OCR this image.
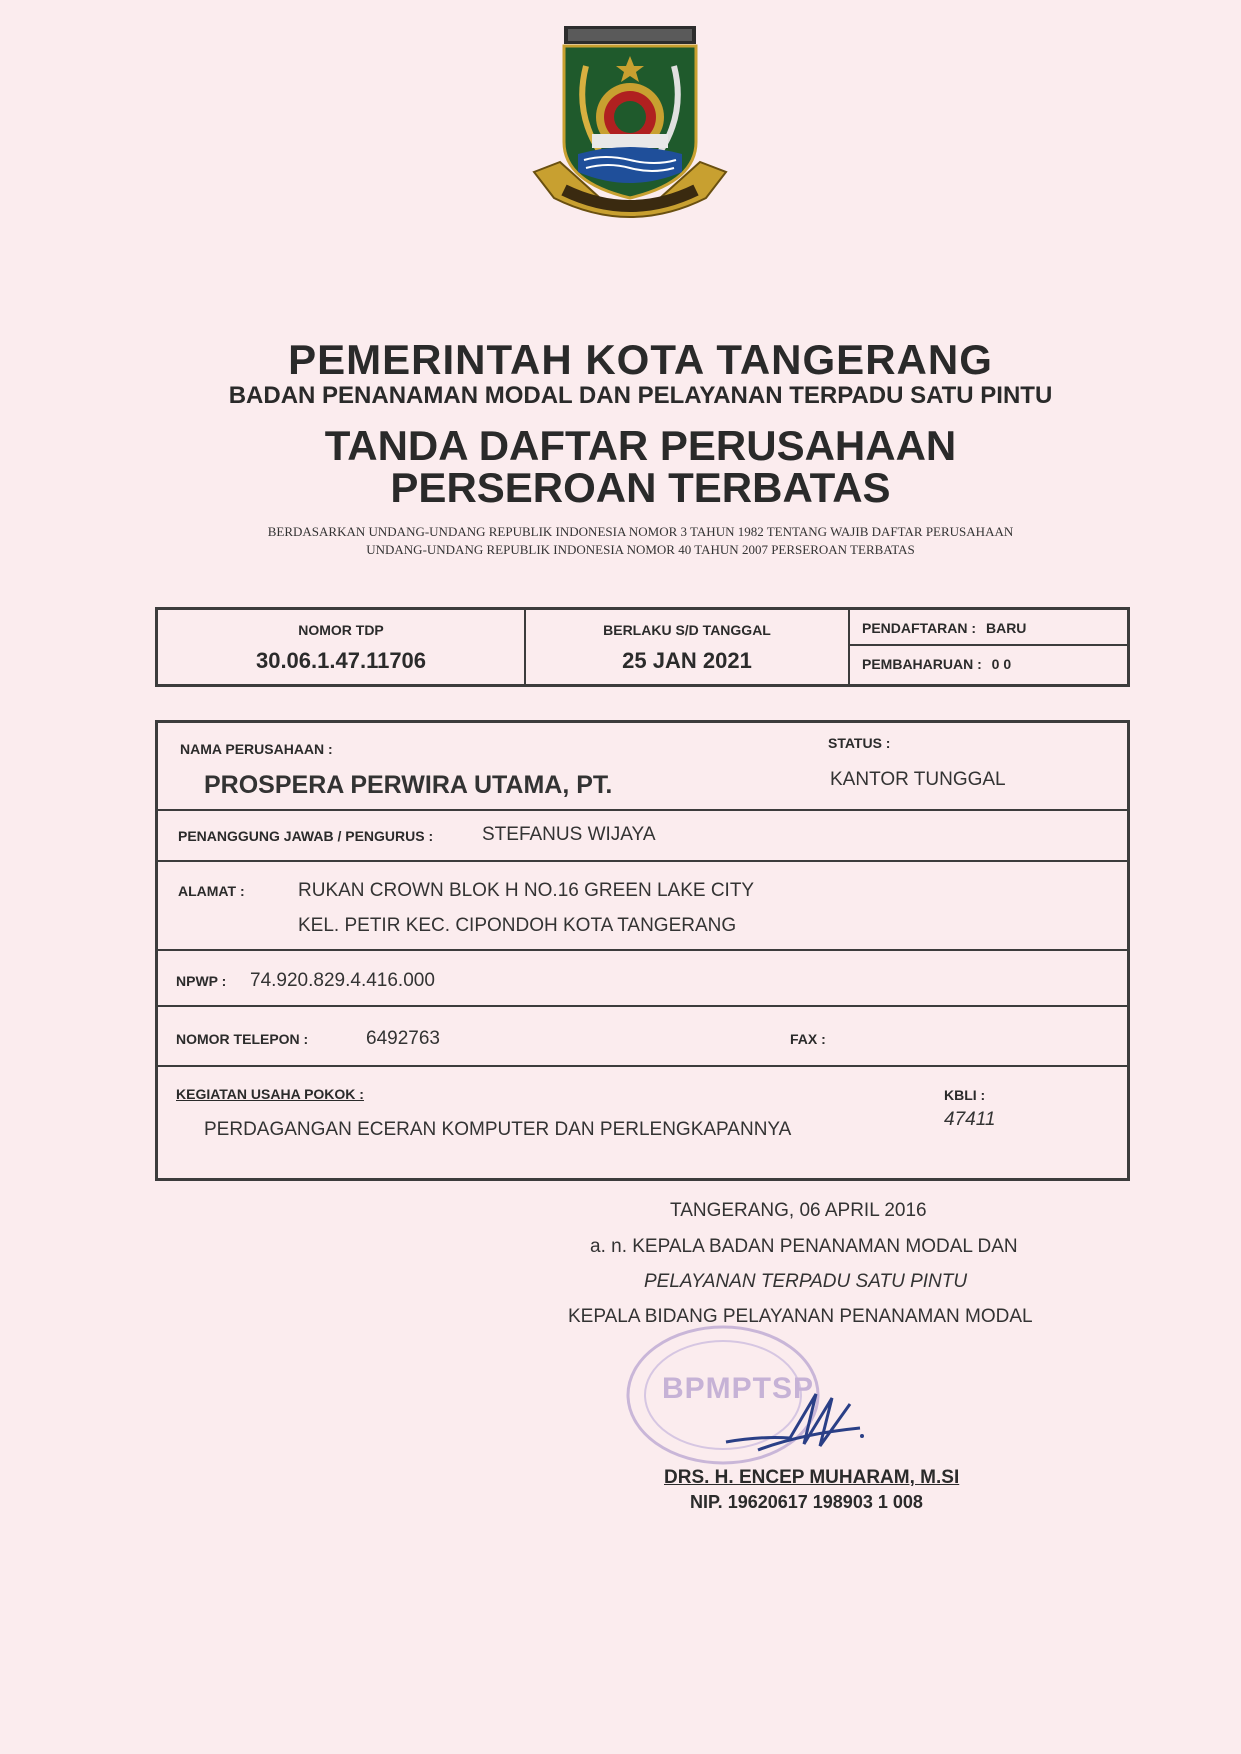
PEMERINTAH KOTA TANGERANG
BADAN PENANAMAN MODAL DAN PELAYANAN TERPADU SATU PINTU
TANDA DAFTAR PERUSAHAAN
PERSEROAN TERBATAS
BERDASARKAN UNDANG-UNDANG REPUBLIK INDONESIA NOMOR 3 TAHUN 1982 TENTANG WAJIB DAFTAR PERUSAHAAN
UNDANG-UNDANG REPUBLIK INDONESIA NOMOR 40 TAHUN 2007 PERSEROAN TERBATAS
NOMOR TDP
30.06.1.47.11706
BERLAKU S/D TANGGAL
25 JAN 2021
PENDAFTARAN : BARU
PEMBAHARUAN : 0 0
NAMA PERUSAHAAN :
PROSPERA PERWIRA UTAMA, PT.
STATUS :
KANTOR TUNGGAL
PENANGGUNG JAWAB / PENGURUS :	STEFANUS WIJAYA
ALAMAT :	RUKAN CROWN BLOK H NO.16 GREEN LAKE CITY
KEL. PETIR KEC. CIPONDOH KOTA TANGERANG
NPWP : 74.920.829.4.416.000
NOMOR TELEPON :	6492763	FAX :
KEGIATAN USAHA POKOK :
PERDAGANGAN ECERAN KOMPUTER DAN PERLENGKAPANNYA
KBLI :
47411
TANGERANG, 06 APRIL 2016
a. n. KEPALA BADAN PENANAMAN MODAL DAN
PELAYANAN TERPADU SATU PINTU
KEPALA BIDANG PELAYANAN PENANAMAN MODAL
BPMPTSP
DRS. H. ENCEP MUHARAM, M.SI
NIP. 19620617 198903 1 008
